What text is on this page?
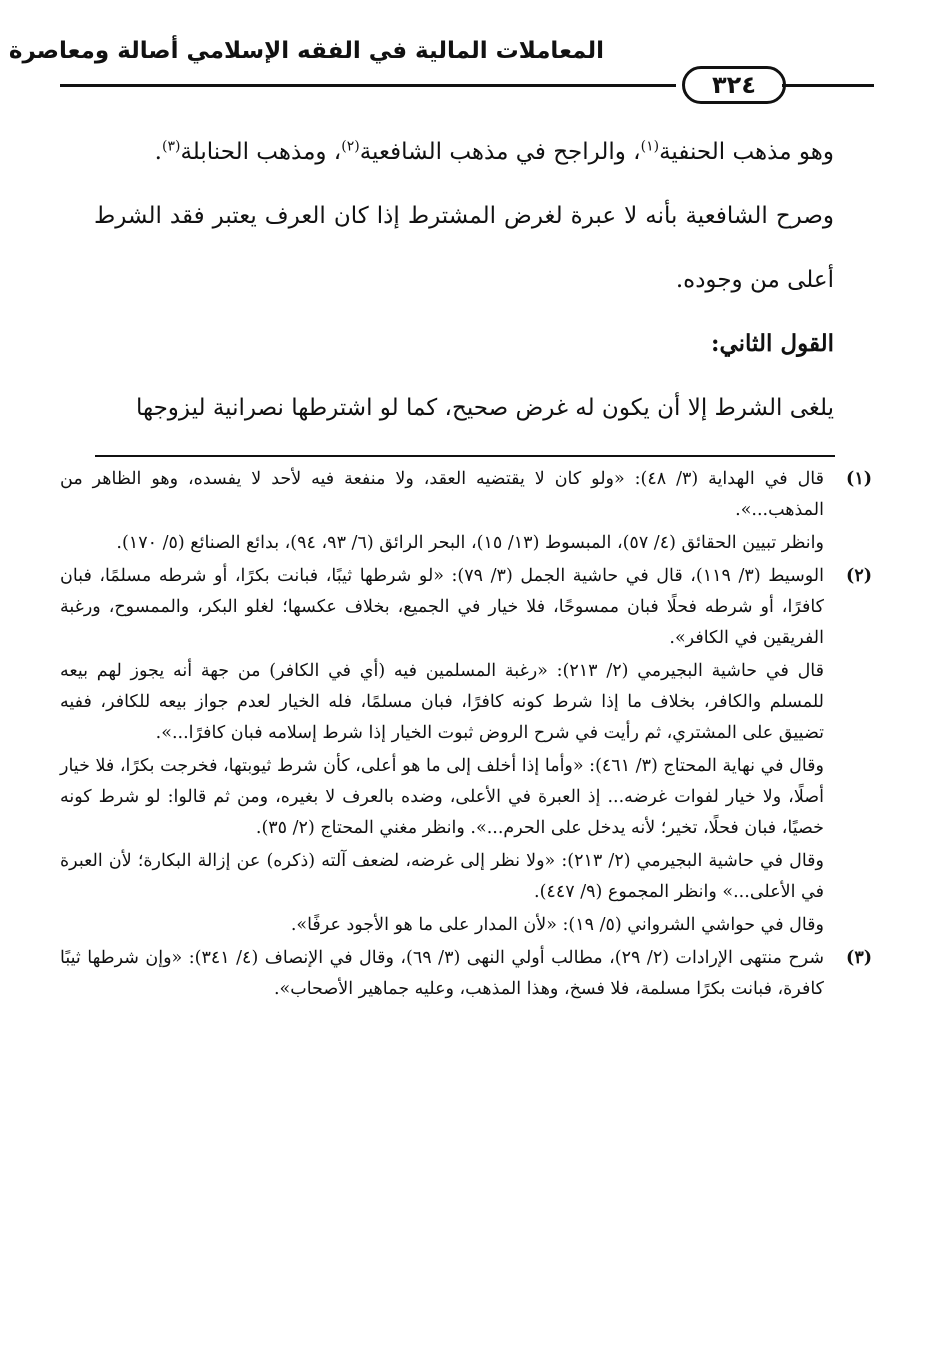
المعاملات المالية في الفقه الإسلامي أصالة ومعاصرة
٣٢٤

وهو مذهب الحنفية$^{(١)}$، والراجح في مذهب الشافعية$^{(٢)}$، ومذهب الحنابلة$^{(٣)}$.

وصرح الشافعية بأنه لا عبرة لغرض المشترط إذا كان العرف يعتبر فقد الشرط أعلى من وجوده.

القول الثاني:

يلغى الشرط إلا أن يكون له غرض صحيح، كما لو اشترطها نصرانية ليزوجها

(١)

قال في الهداية (٣/ ٤٨): «ولو كان لا يقتضيه العقد، ولا منفعة فيه لأحد لا يفسده، وهو الظاهر من المذهب...».

وانظر تبيين الحقائق (٤/ ٥٧)، المبسوط (١٣/ ١٥)، البحر الرائق (٦/ ٩٣، ٩٤)، بدائع الصنائع (٥/ ١٧٠).

(٢)

الوسيط (٣/ ١١٩)، قال في حاشية الجمل (٣/ ٧٩): «لو شرطها ثيبًا، فبانت بكرًا، أو شرطه مسلمًا، فبان كافرًا، أو شرطه فحلًا فبان ممسوحًا، فلا خيار في الجميع، بخلاف عكسها؛ لغلو البكر، والممسوح، ورغبة الفريقين في الكافر».

قال في حاشية البجيرمي (٢/ ٢١٣): «رغبة المسلمين فيه (أي في الكافر) من جهة أنه يجوز لهم بيعه للمسلم والكافر، بخلاف ما إذا شرط كونه كافرًا، فبان مسلمًا، فله الخيار لعدم جواز بيعه للكافر، ففيه تضييق على المشتري، ثم رأيت في شرح الروض ثبوت الخيار إذا شرط إسلامه فبان كافرًا...».

وقال في نهاية المحتاج (٣/ ٤٦١): «وأما إذا أخلف إلى ما هو أعلى، كأن شرط ثيوبتها، فخرجت بكرًا، فلا خيار أصلًا، ولا خيار لفوات غرضه... إذ العبرة في الأعلى، وضده بالعرف لا بغيره، ومن ثم قالوا: لو شرط كونه خصيًا، فبان فحلًا، تخير؛ لأنه يدخل على الحرم...». وانظر مغني المحتاج (٢/ ٣٥).

وقال في حاشية البجيرمي (٢/ ٢١٣): «ولا نظر إلى غرضه، لضعف آلته (ذكره) عن إزالة البكارة؛ لأن العبرة في الأعلى...» وانظر المجموع (٩/ ٤٤٧).

وقال في حواشي الشرواني (٥/ ١٩): «لأن المدار على ما هو الأجود عرفًا».

(٣)

شرح منتهى الإرادات (٢/ ٢٩)، مطالب أولي النهى (٣/ ٦٩)، وقال في الإنصاف (٤/ ٣٤١): «وإن شرطها ثيبًا كافرة، فبانت بكرًا مسلمة، فلا فسخ، وهذا المذهب، وعليه جماهير الأصحاب».
